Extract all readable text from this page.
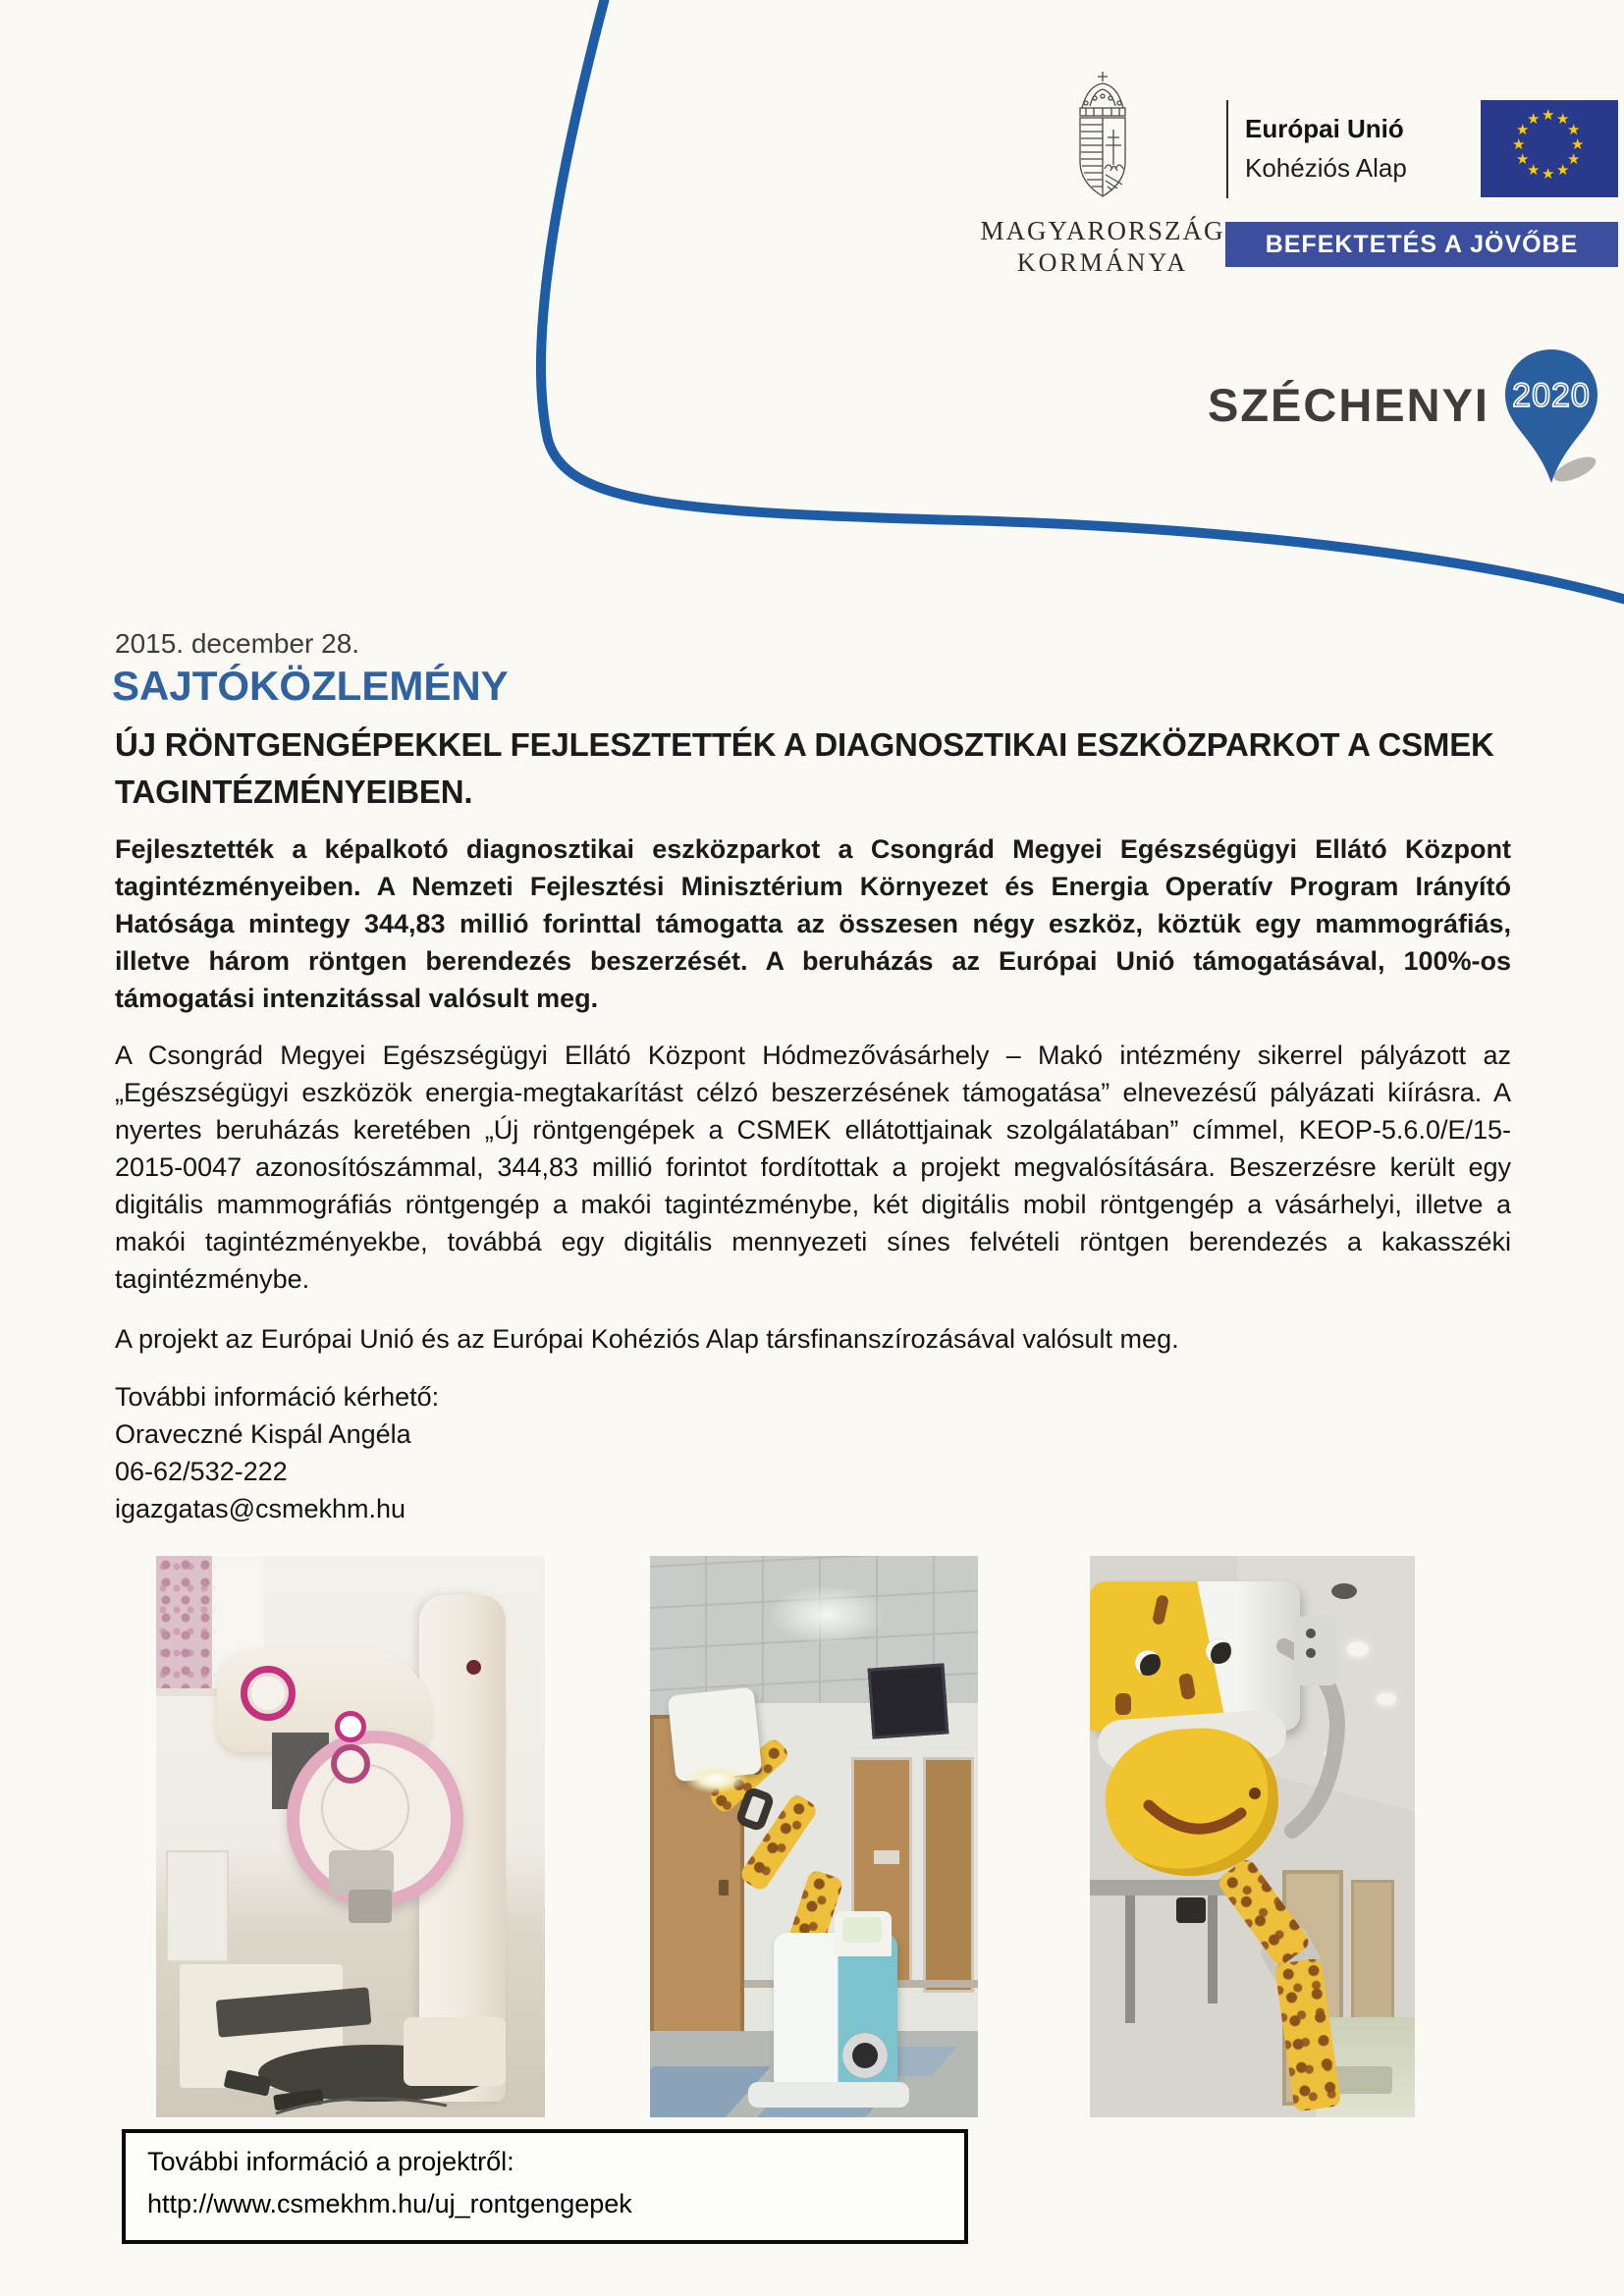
MAGYARORSZÁG
KORMÁNYA
Európai Unió
Kohéziós Alap
★ ★
★
★
★
★
★
★
★
★
★
★
BEFEKTETÉS A JÖVŐBE
SZÉCHENYI 2020
2015. december 28.
SAJTÓKÖZLEMÉNY
ÚJ RÖNTGENGÉPEKKEL FEJLESZTETTÉK A DIAGNOSZTIKAI ESZKÖZPARKOT A CSMEK TAGINTÉZMÉNYEIBEN.
Fejlesztették a képalkotó diagnosztikai eszközparkot a Csongrád Megyei Egészségügyi Ellátó Központ tagintézményeiben. A Nemzeti Fejlesztési Minisztérium Környezet és Energia Operatív Program Irányító Hatósága mintegy 344,83 millió forinttal támogatta az összesen négy eszköz, köztük egy mammográfiás, illetve három röntgen berendezés beszerzését. A beruházás az Európai Unió támogatásával, 100%-os támogatási intenzitással valósult meg.
A Csongrád Megyei Egészségügyi Ellátó Központ Hódmezővásárhely – Makó intézmény sikerrel pályázott az „Egészségügyi eszközök energia-megtakarítást célzó beszerzésének támogatása” elnevezésű pályázati kiírásra. A nyertes beruházás keretében „Új röntgengépek a CSMEK ellátottjainak szolgálatában” címmel, KEOP-5.6.0/E/15-2015-0047 azonosítószámmal, 344,83 millió forintot fordítottak a projekt megvalósítására. Beszerzésre került egy digitális mammográfiás röntgengép a makói tagintézménybe, két digitális mobil röntgengép a vásárhelyi, illetve a makói tagintézményekbe, továbbá egy digitális mennyezeti sínes felvételi röntgen berendezés a kakasszéki tagintézménybe.
A projekt az Európai Unió és az Európai Kohéziós Alap társfinanszírozásával valósult meg.
További információ kérhető:
Oraveczné Kispál Angéla
06-62/532-222
igazgatas@csmekhm.hu
További információ a projektről:
http://www.csmekhm.hu/uj_rontgengepek
